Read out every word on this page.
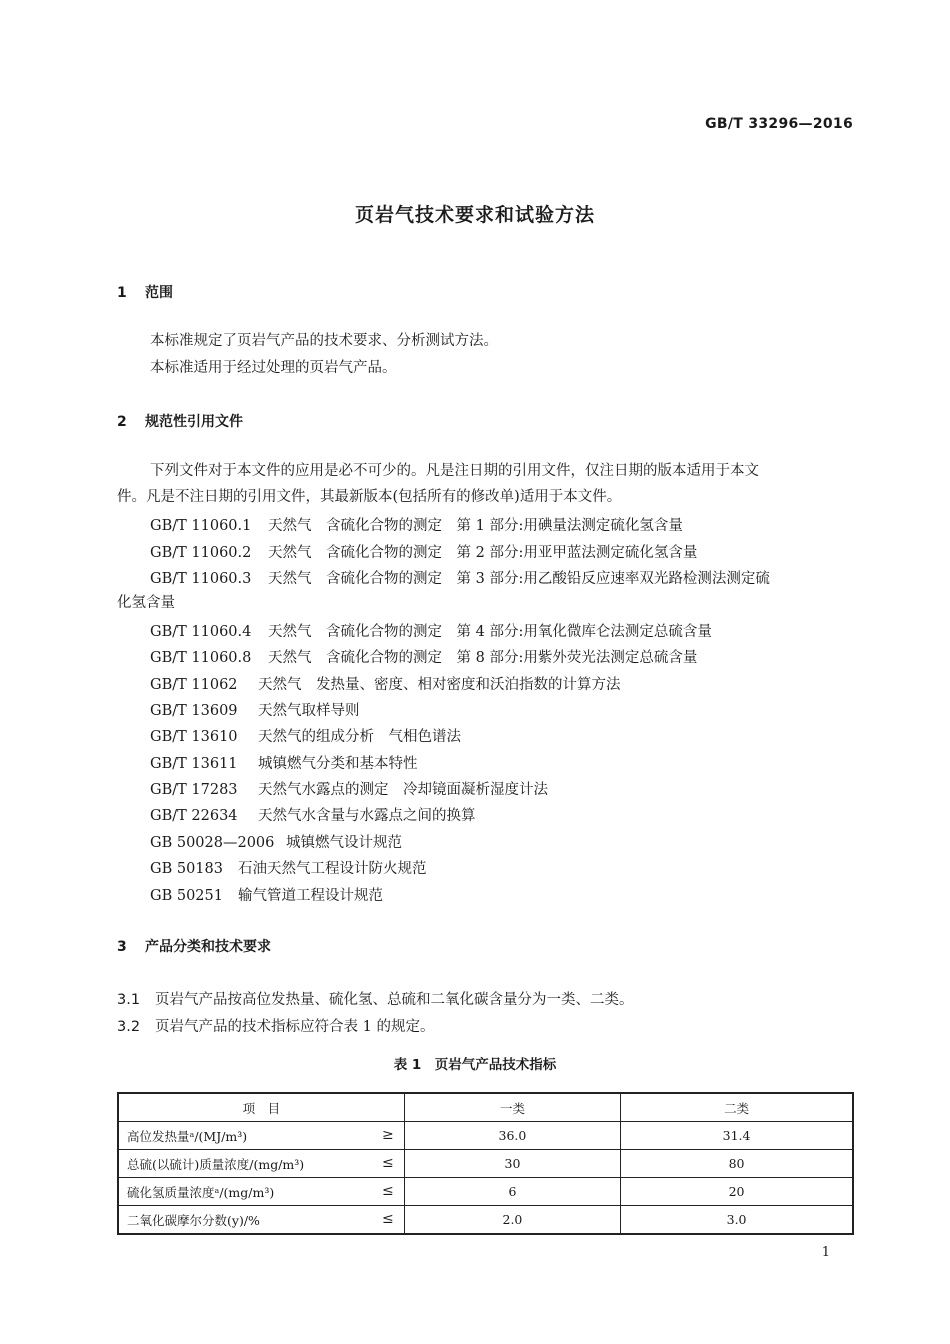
GB/T 33296—2016
页岩气技术要求和试验方法
1 范围
本标准规定了页岩气产品的技术要求、分析测试方法。
本标准适用于经过处理的页岩气产品。
2 规范性引用文件
下列文件对于本文件的应用是必不可少的。凡是注日期的引用文件，仅注日期的版本适用于本文
件。凡是不注日期的引用文件，其最新版本(包括所有的修改单)适用于本文件。
GB/T 11060.1 天然气　含硫化合物的测定　第 1 部分:用碘量法测定硫化氢含量
GB/T 11060.2 天然气　含硫化合物的测定　第 2 部分:用亚甲蓝法测定硫化氢含量
GB/T 11060.3 天然气　含硫化合物的测定　第 3 部分:用乙酸铅反应速率双光路检测法测定硫
化氢含量
GB/T 11060.4 天然气　含硫化合物的测定　第 4 部分:用氧化微库仑法测定总硫含量
GB/T 11060.8 天然气　含硫化合物的测定　第 8 部分:用紫外荧光法测定总硫含量
GB/T 11062 天然气　发热量、密度、相对密度和沃泊指数的计算方法
GB/T 13609 天然气取样导则
GB/T 13610 天然气的组成分析　气相色谱法
GB/T 13611 城镇燃气分类和基本特性
GB/T 17283 天然气水露点的测定　冷却镜面凝析湿度计法
GB/T 22634 天然气水含量与水露点之间的换算
GB 50028—2006 城镇燃气设计规范
GB 50183 石油天然气工程设计防火规范
GB 50251 输气管道工程设计规范
3 产品分类和技术要求
3.1 页岩气产品按高位发热量、硫化氢、总硫和二氧化碳含量分为一类、二类。
3.2 页岩气产品的技术指标应符合表 1 的规定。
表 1　页岩气产品技术指标
项　目	一类	二类
高位发热量ᵃ/(MJ/m³) ≥	36.0	31.4
总硫(以硫计)质量浓度/(mg/m³) ≤	30	80
硫化氢质量浓度ᵃ/(mg/m³) ≤	6	20
二氧化碳摩尔分数(y)/% ≤	2.0	3.0
1
